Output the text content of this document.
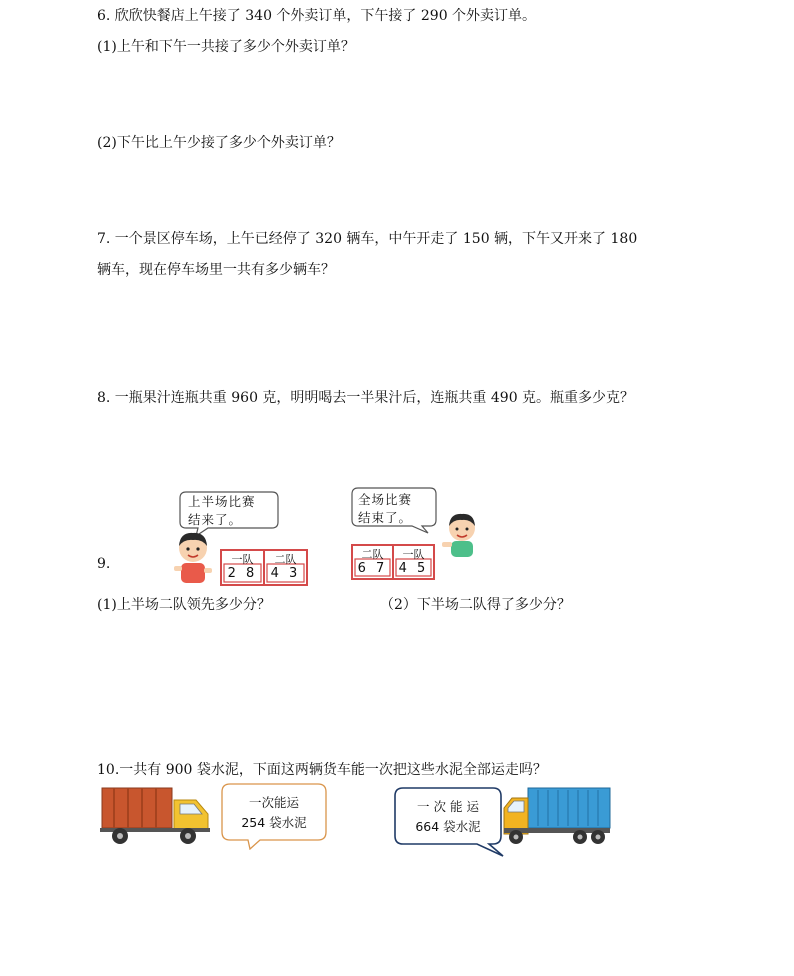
6. 欣欣快餐店上午接了 340 个外卖订单，下午接了 290 个外卖订单。
(1)上午和下午一共接了多少个外卖订单？
(2)下午比上午少接了多少个外卖订单？
7. 一个景区停车场，上午已经停了 320 辆车，中午开走了 150 辆，下午又开来了 180
辆车，现在停车场里一共有多少辆车？
8. 一瓶果汁连瓶共重 960 克，明明喝去一半果汁后，连瓶共重 490 克。瓶重多少克？
9.
上半场比赛
结来了。
一队
2 8
二队
4 3
全场比赛
结束了。
二队
6 7
一队
4 5
(1)上半场二队领先多少分？	（2）下半场二队得了多少分？
10.一共有 900 袋水泥，下面这两辆货车能一次把这些水泥全部运走吗？
一次能运
254 袋水泥
一 次 能 运
664 袋水泥
